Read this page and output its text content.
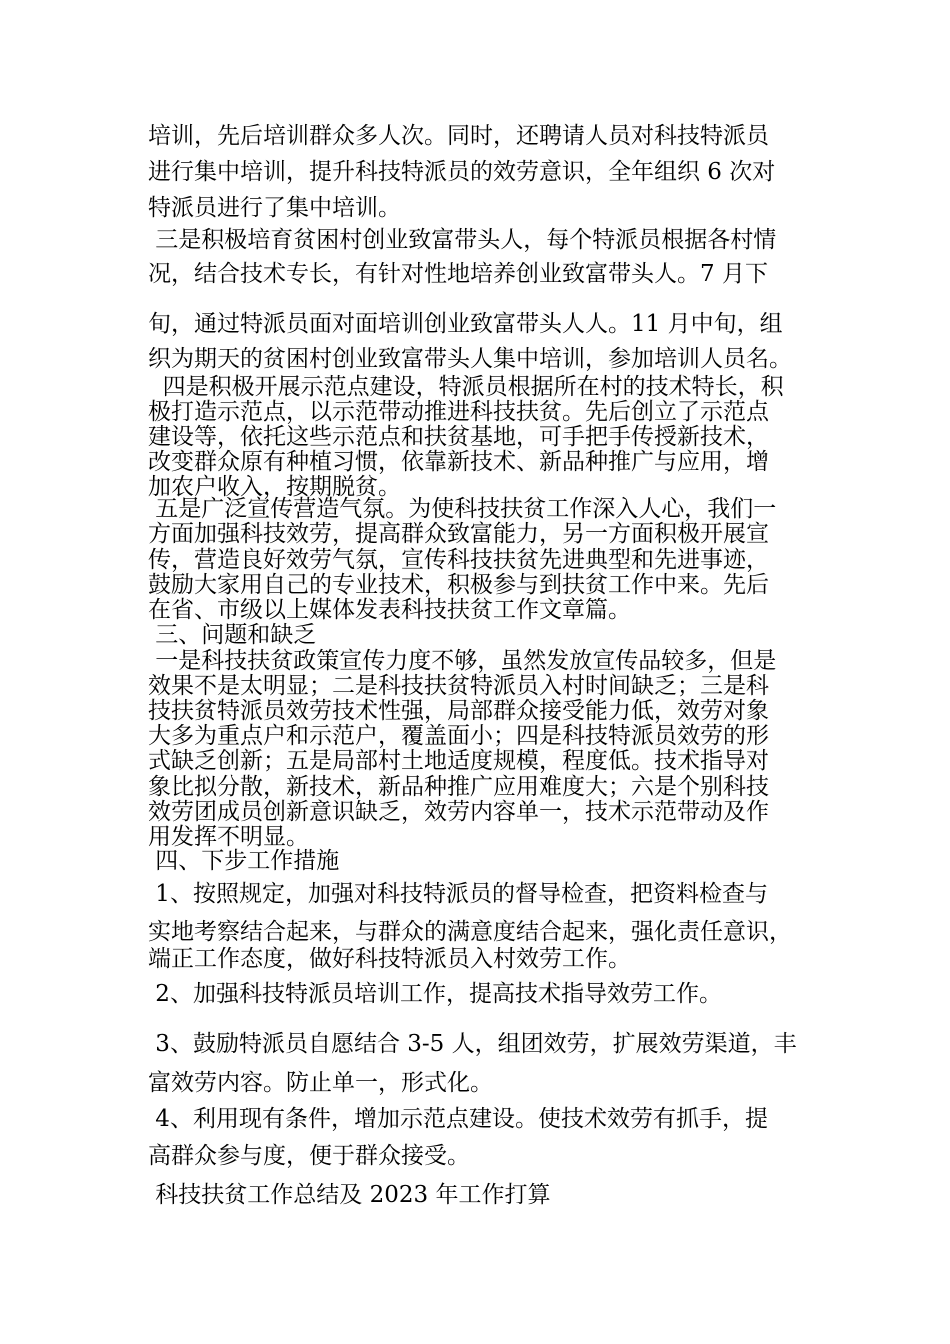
培训，先后培训群众多人次。同时，还聘请人员对科技特派员

进行集中培训，提升科技特派员的效劳意识，全年组织 6 次对

特派员进行了集中培训。

三是积极培育贫困村创业致富带头人，每个特派员根据各村情

况，结合技术专长，有针对性地培养创业致富带头人。7 月下

旬，通过特派员面对面培训创业致富带头人人。11 月中旬，组

织为期天的贫困村创业致富带头人集中培训，参加培训人员名。

四是积极开展示范点建设，特派员根据所在村的技术特长，积

极打造示范点，以示范带动推进科技扶贫。先后创立了示范点

建设等，依托这些示范点和扶贫基地，可手把手传授新技术，

改变群众原有种植习惯，依靠新技术、新品种推广与应用，增

加农户收入，按期脱贫。

五是广泛宣传营造气氛。为使科技扶贫工作深入人心，我们一

方面加强科技效劳，提高群众致富能力，另一方面积极开展宣

传，营造良好效劳气氛，宣传科技扶贫先进典型和先进事迹，

鼓励大家用自己的专业技术，积极参与到扶贫工作中来。先后

在省、市级以上媒体发表科技扶贫工作文章篇。

三、问题和缺乏

一是科技扶贫政策宣传力度不够，虽然发放宣传品较多，但是

效果不是太明显；二是科技扶贫特派员入村时间缺乏；三是科

技扶贫特派员效劳技术性强，局部群众接受能力低，效劳对象

大多为重点户和示范户，覆盖面小；四是科技特派员效劳的形

式缺乏创新；五是局部村土地适度规模，程度低。技术指导对

象比拟分散，新技术，新品种推广应用难度大；六是个别科技

效劳团成员创新意识缺乏，效劳内容单一，技术示范带动及作

用发挥不明显。

四、下步工作措施

1、按照规定，加强对科技特派员的督导检查，把资料检查与

实地考察结合起来，与群众的满意度结合起来，强化责任意识，

端正工作态度，做好科技特派员入村效劳工作。

2、加强科技特派员培训工作，提高技术指导效劳工作。

3、鼓励特派员自愿结合 3-5 人，组团效劳，扩展效劳渠道，丰

富效劳内容。防止单一，形式化。

4、利用现有条件，增加示范点建设。使技术效劳有抓手，提

高群众参与度，便于群众接受。

科技扶贫工作总结及 2023 年工作打算
